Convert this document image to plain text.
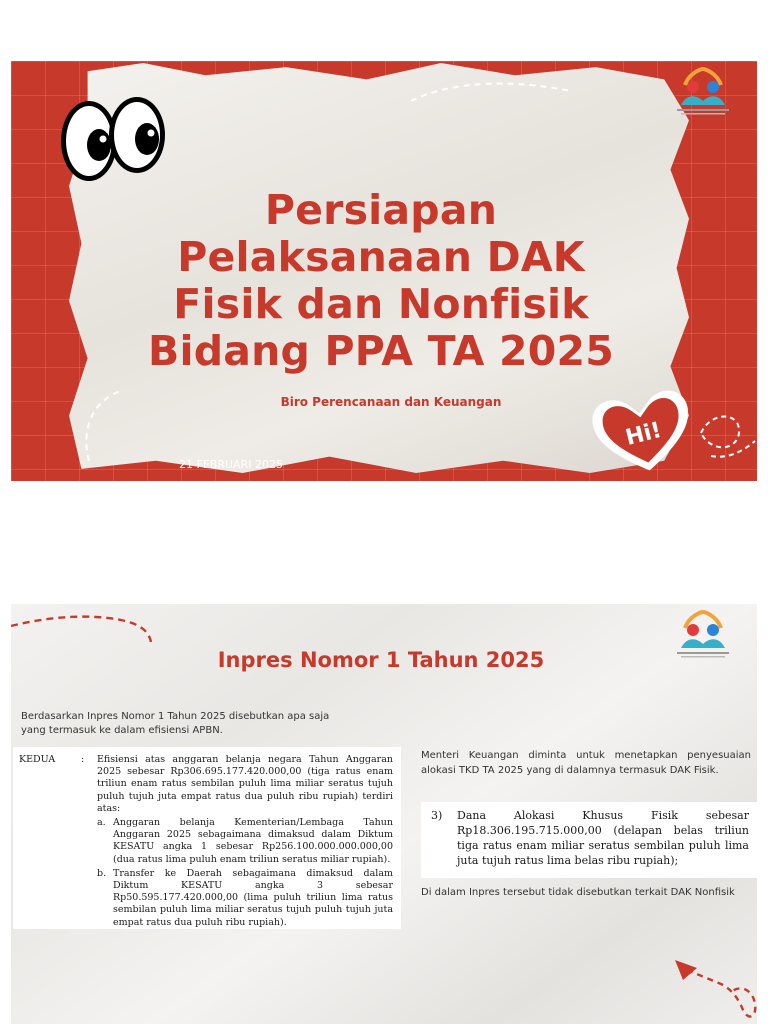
Persiapan
Pelaksanaan DAK
Fisik dan Nonfisik
Bidang PPA TA 2025
Biro Perencanaan dan Keuangan
Hi!
21 FEBRUARI 2025
Inpres Nomor 1 Tahun 2025
Berdasarkan Inpres Nomor 1 Tahun 2025 disebutkan apa saja yang termasuk ke dalam efisiensi APBN.
KEDUA	: Efisiensi atas anggaran belanja negara Tahun Anggaran 2025 sebesar Rp306.695.177.420.000,00 (tiga ratus enam triliun enam ratus sembilan puluh lima miliar seratus tujuh puluh tujuh juta empat ratus dua puluh ribu rupiah) terdiri atas:
a. Anggaran belanja Kementerian/Lembaga Tahun Anggaran 2025 sebagaimana dimaksud dalam Diktum KESATU angka 1 sebesar Rp256.100.000.000.000,00 (dua ratus lima puluh enam triliun seratus miliar rupiah).
b. Transfer ke Daerah sebagaimana dimaksud dalam Diktum KESATU angka 3 sebesar Rp50.595.177.420.000,00 (lima puluh triliun lima ratus sembilan puluh lima miliar seratus tujuh puluh tujuh juta empat ratus dua puluh ribu rupiah).
Menteri Keuangan diminta untuk menetapkan penyesuaian alokasi TKD TA 2025 yang di dalamnya termasuk DAK Fisik.
3) Dana Alokasi Khusus Fisik sebesar Rp18.306.195.715.000,00 (delapan belas triliun tiga ratus enam miliar seratus sembilan puluh lima juta tujuh ratus lima belas ribu rupiah);
Di dalam Inpres tersebut tidak disebutkan terkait DAK Nonfisik
